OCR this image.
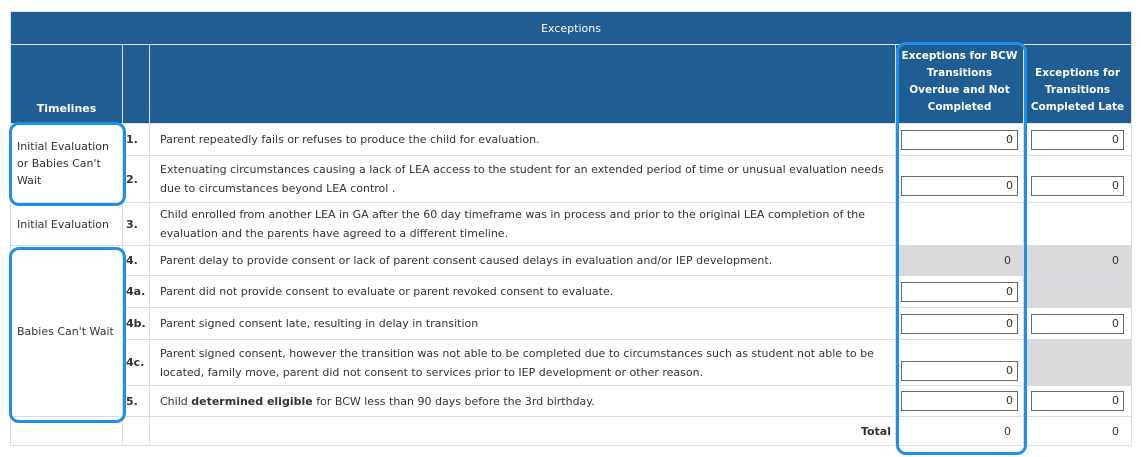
Exceptions				
Timelines			Exceptions for BCW Transitions Overdue and Not Completed	Exceptions for Transitions Completed Late
Initial Evaluation or Babies Can't Wait	1.	Parent repeatedly fails or refuses to produce the child for evaluation.	0	0
	2.	Extenuating circumstances causing a lack of LEA access to the student for an extended period of time or unusual evaluation needs due to circumstances beyond LEA control .	0	0
Initial Evaluation	3.	Child enrolled from another LEA in GA after the 60 day timeframe was in process and prior to the original LEA completion of the evaluation and the parents have agreed to a different timeline.		
Babies Can't Wait	4.	Parent delay to provide consent or lack of parent consent caused delays in evaluation and/or IEP development.	0	0
	4a.	Parent did not provide consent to evaluate or parent revoked consent to evaluate.	0	
	4b.	Parent signed consent late, resulting in delay in transition	0	0
	4c.	Parent signed consent, however the transition was not able to be completed due to circumstances such as student not able to be located, family move, parent did not consent to services prior to IEP development or other reason.	0	
	5.	Child determined eligible for BCW less than 90 days before the 3rd birthday.	0	0
		Total	0	0
